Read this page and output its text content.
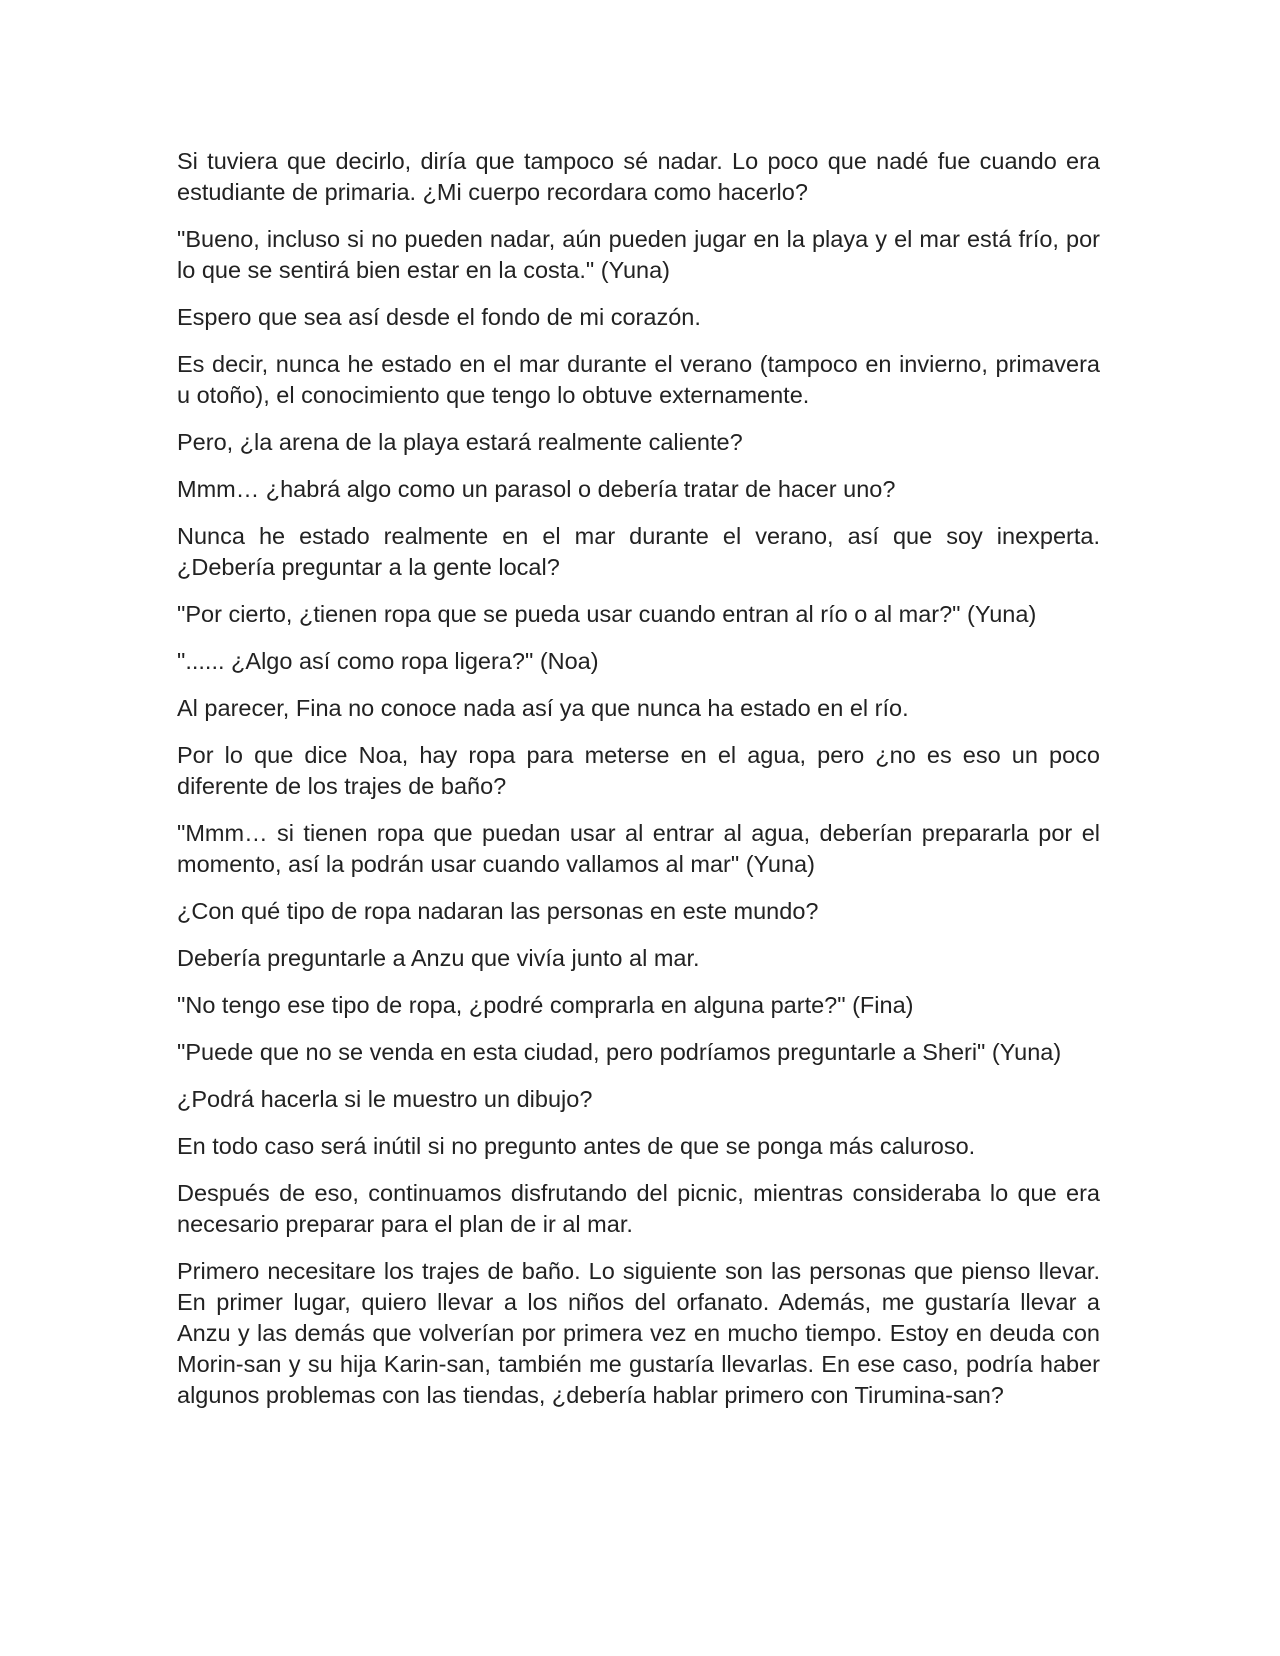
Si tuviera que decirlo, diría que tampoco sé nadar. Lo poco que nadé fue cuando era estudiante de primaria. ¿Mi cuerpo recordara como hacerlo?

"Bueno, incluso si no pueden nadar, aún pueden jugar en la playa y el mar está frío, por lo que se sentirá bien estar en la costa." (Yuna)

Espero que sea así desde el fondo de mi corazón.

Es decir, nunca he estado en el mar durante el verano (tampoco en invierno, primavera u otoño), el conocimiento que tengo lo obtuve externamente.

Pero, ¿la arena de la playa estará realmente caliente?

Mmm… ¿habrá algo como un parasol o debería tratar de hacer uno?

Nunca he estado realmente en el mar durante el verano, así que soy inexperta. ¿Debería preguntar a la gente local?

"Por cierto, ¿tienen ropa que se pueda usar cuando entran al río o al mar?" (Yuna)

"...... ¿Algo así como ropa ligera?" (Noa)

Al parecer, Fina no conoce nada así ya que nunca ha estado en el río.

Por lo que dice Noa, hay ropa para meterse en el agua, pero ¿no es eso un poco diferente de los trajes de baño?

"Mmm… si tienen ropa que puedan usar al entrar al agua, deberían prepararla por el momento, así la podrán usar cuando vallamos al mar" (Yuna)

¿Con qué tipo de ropa nadaran las personas en este mundo?

Debería preguntarle a Anzu que vivía junto al mar.

"No tengo ese tipo de ropa, ¿podré comprarla en alguna parte?" (Fina)

"Puede que no se venda en esta ciudad, pero podríamos preguntarle a Sheri" (Yuna)

¿Podrá hacerla si le muestro un dibujo?

En todo caso será inútil si no pregunto antes de que se ponga más caluroso.

Después de eso, continuamos disfrutando del picnic, mientras consideraba lo que era necesario preparar para el plan de ir al mar.

Primero necesitare los trajes de baño. Lo siguiente son las personas que pienso llevar. En primer lugar, quiero llevar a los niños del orfanato. Además, me gustaría llevar a Anzu y las demás que volverían por primera vez en mucho tiempo. Estoy en deuda con Morin-san y su hija Karin-san, también me gustaría llevarlas. En ese caso, podría haber algunos problemas con las tiendas, ¿debería hablar primero con Tirumina-san?
